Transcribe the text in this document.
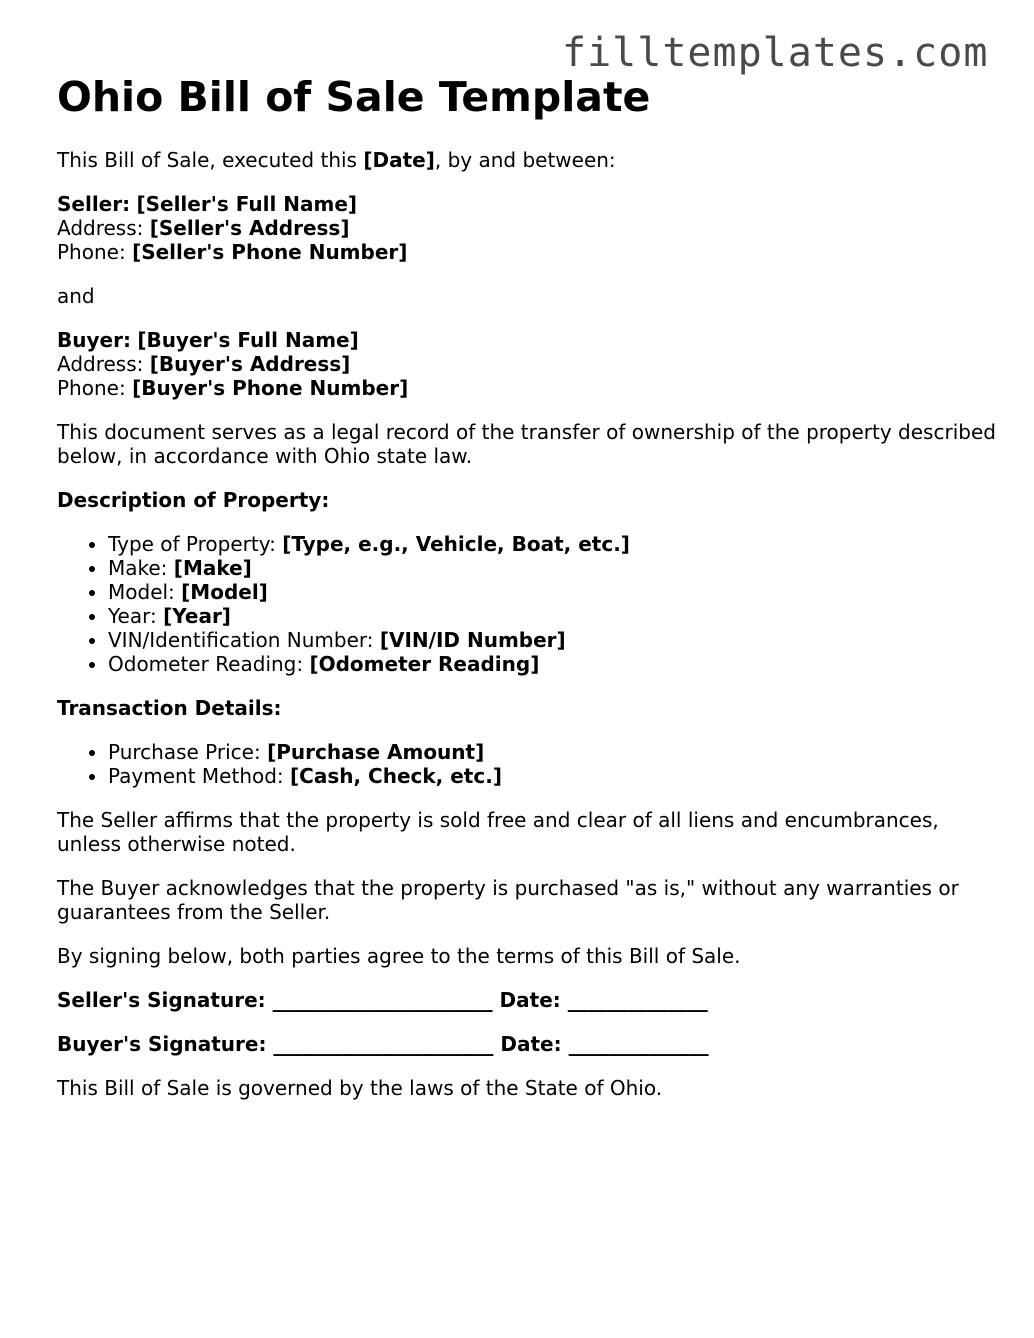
filltemplates.com
Ohio Bill of Sale Template

This Bill of Sale, executed this [Date], by and between:

Seller: [Seller's Full Name]
Address: [Seller's Address]
Phone: [Seller's Phone Number]

and

Buyer: [Buyer's Full Name]
Address: [Buyer's Address]
Phone: [Buyer's Phone Number]

This document serves as a legal record of the transfer of ownership of the property described below, in accordance with Ohio state law.

Description of Property:

• Type of Property: [Type, e.g., Vehicle, Boat, etc.]
• Make: [Make]
• Model: [Model]
• Year: [Year]
• VIN/Identification Number: [VIN/ID Number]
• Odometer Reading: [Odometer Reading]

Transaction Details:

• Purchase Price: [Purchase Amount]
• Payment Method: [Cash, Check, etc.]

The Seller affirms that the property is sold free and clear of all liens and encumbrances, unless otherwise noted.

The Buyer acknowledges that the property is purchased "as is," without any warranties or guarantees from the Seller.

By signing below, both parties agree to the terms of this Bill of Sale.

Seller's Signature: ______________________ Date: ______________

Buyer's Signature: ______________________ Date: ______________

This Bill of Sale is governed by the laws of the State of Ohio.
